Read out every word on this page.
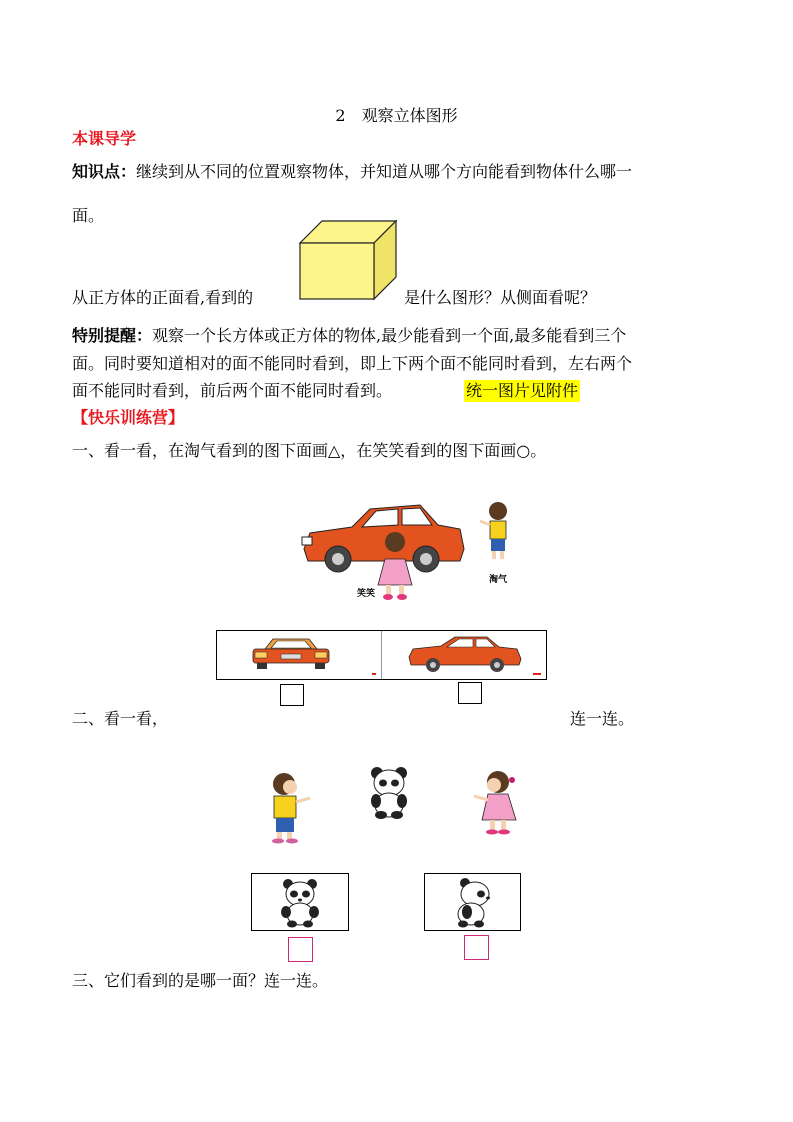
2　观察立体图形
本课导学
知识点：继续到从不同的位置观察物体，并知道从哪个方向能看到物体什么哪一
面。
从正方体的正面看,看到的	是什么图形？从侧面看呢？
特别提醒：观察一个长方体或正方体的物体,最少能看到一个面,最多能看到三个
面。同时要知道相对的面不能同时看到，即上下两个面不能同时看到，左右两个
面不能同时看到，前后两个面不能同时看到。	统一图片见附件
【快乐训练营】
一、看一看，在淘气看到的图下面画△，在笑笑看到的图下面画○。
笑笑
淘气
二、看一看，	连一连。
三、它们看到的是哪一面？连一连。
